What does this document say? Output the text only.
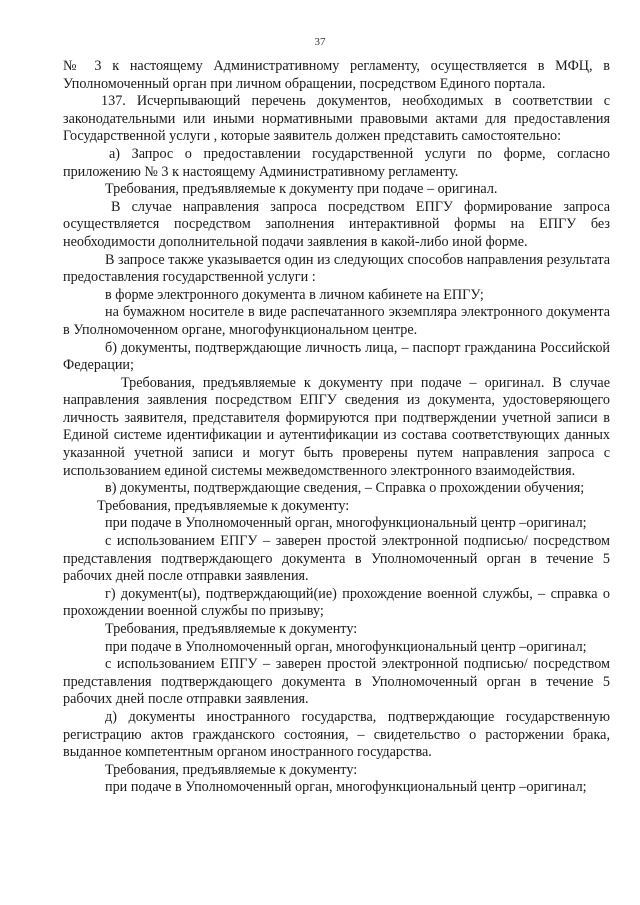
37

№ 3 к настоящему Административному регламенту, осуществляется в МФЦ, в Уполномоченный орган при личном обращении, посредством Единого портала.

137. Исчерпывающий перечень документов, необходимых в соответствии с законодательными или иными нормативными правовыми актами для предоставления Государственной услуги , которые заявитель должен представить самостоятельно:

а) Запрос о предоставлении государственной услуги по форме, согласно приложению № 3 к настоящему Административному регламенту.

Требования, предъявляемые к документу при подаче – оригинал.

В случае направления запроса посредством ЕПГУ формирование запроса осуществляется посредством заполнения интерактивной формы на ЕПГУ без необходимости дополнительной подачи заявления в какой-либо иной форме.

В запросе также указывается один из следующих способов направления результата предоставления государственной услуги :

в форме электронного документа в личном кабинете на ЕПГУ;

на бумажном носителе в виде распечатанного экземпляра электронного документа в Уполномоченном органе, многофункциональном центре.

б) документы, подтверждающие личность лица, – паспорт гражданина Российской Федерации;

Требования, предъявляемые к документу при подаче – оригинал. В случае направления заявления посредством ЕПГУ сведения из документа, удостоверяющего личность заявителя, представителя формируются при подтверждении учетной записи в Единой системе идентификации и аутентификации из состава соответствующих данных указанной учетной записи и могут быть проверены путем направления запроса с использованием единой системы межведомственного электронного взаимодействия.

в) документы, подтверждающие сведения, – Справка о прохождении обучения;

Требования, предъявляемые к документу:

при подаче в Уполномоченный орган, многофункциональный центр –оригинал;

с использованием ЕПГУ – заверен простой электронной подписью/ посредством представления подтверждающего документа в Уполномоченный орган в течение 5 рабочих дней после отправки заявления.

г) документ(ы), подтверждающий(ие) прохождение военной службы, – справка о прохождении военной службы по призыву;

Требования, предъявляемые к документу:

при подаче в Уполномоченный орган, многофункциональный центр –оригинал;

с использованием ЕПГУ – заверен простой электронной подписью/ посредством представления подтверждающего документа в Уполномоченный орган в течение 5 рабочих дней после отправки заявления.

д) документы иностранного государства, подтверждающие государственную регистрацию актов гражданского состояния, – свидетельство о расторжении брака, выданное компетентным органом иностранного государства.

Требования, предъявляемые к документу:

при подаче в Уполномоченный орган, многофункциональный центр –оригинал;
